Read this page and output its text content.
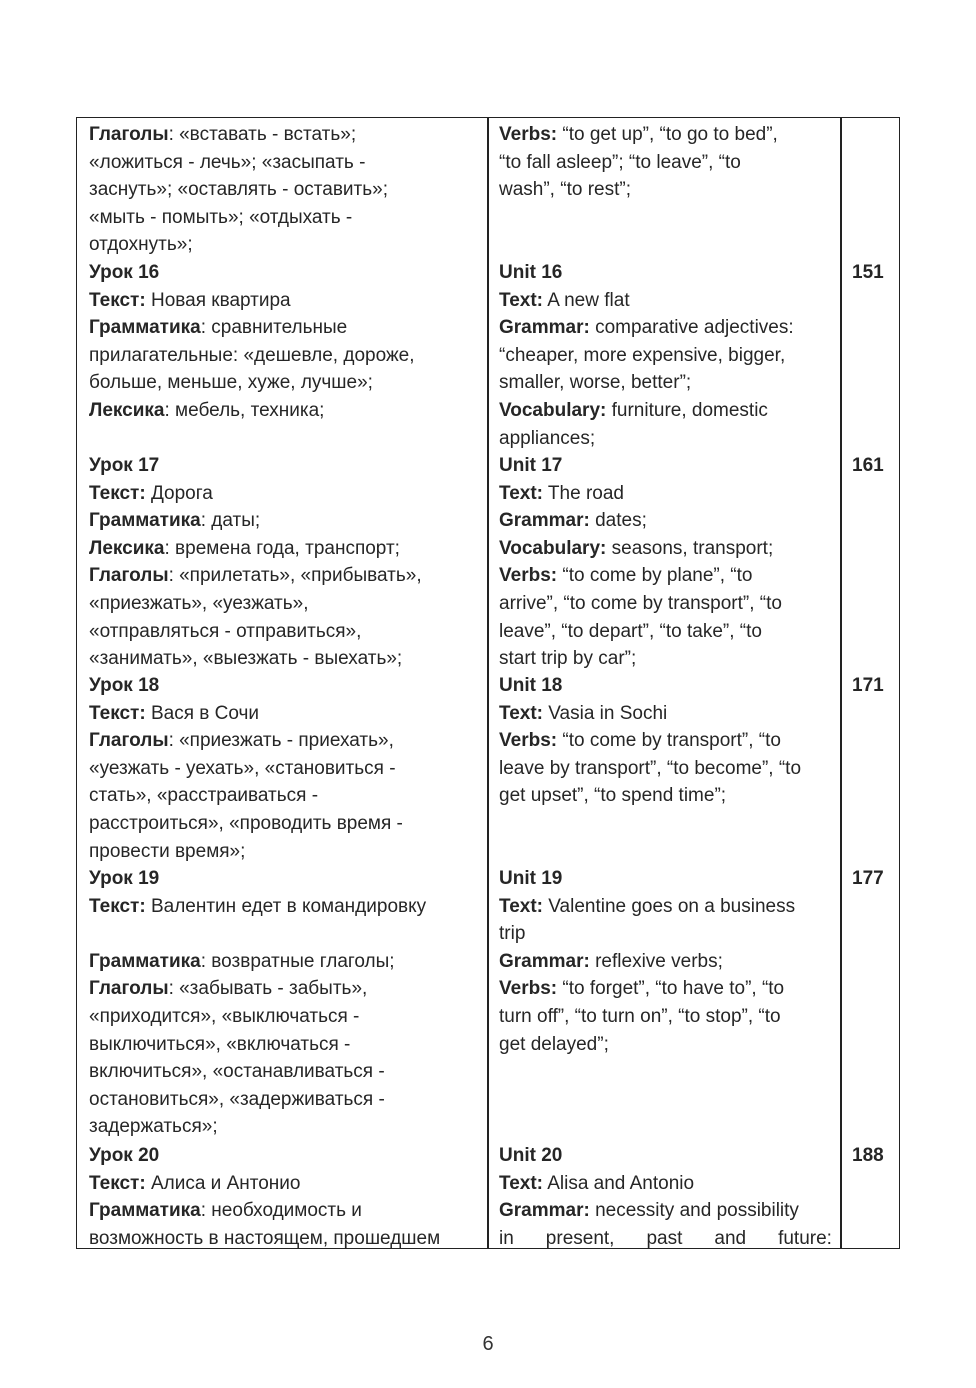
Глаголы: «вставать - встать»;
«ложиться - лечь»; «засыпать -
заснуть»; «оставлять - оставить»;
«мыть - помыть»; «отдыхать -
отдохнуть»;
Урок 16
Текст: Новая квартира
Грамматика: сравнительные
прилагательные: «дешевле, дороже,
больше, меньше, хуже, лучше»;
Лексика: мебель, техника;
Урок 17
Текст: Дорога
Грамматика: даты;
Лексика: времена года, транспорт;
Глаголы: «прилетать», «прибывать»,
«приезжать», «уезжать»,
«отправляться - отправиться»,
«занимать», «выезжать - выехать»;
Урок 18
Текст: Вася в Сочи
Глаголы: «приезжать - приехать»,
«уезжать - уехать», «становиться -
стать», «расстраиваться -
расстроиться», «проводить время -
провести время»;
Урок 19
Текст: Валентин едет в командировку
Грамматика: возвратные глаголы;
Глаголы: «забывать - забыть»,
«приходится», «выключаться -
выключиться», «включаться -
включиться», «останавливаться -
остановиться», «задерживаться -
задержаться»;
Урок 20
Текст: Алиса и Антонио
Грамматика: необходимость и
возможность в настоящем, прошедшем
Verbs: “to get up”, “to go to bed”,
“to fall asleep”; “to leave”, “to
wash”, “to rest”;
Unit 16
Text: A new flat
Grammar: comparative adjectives:
“cheaper, more expensive, bigger,
smaller, worse, better”;
Vocabulary: furniture, domestic
appliances;
Unit 17
Text: The road
Grammar: dates;
Vocabulary: seasons, transport;
Verbs: “to come by plane”, “to
arrive”, “to come by transport”, “to
leave”, “to depart”, “to take”, “to
start trip by car”;
Unit 18
Text: Vasia in Sochi
Verbs: “to come by transport”, “to
leave by transport”, “to become”, “to
get upset”, “to spend time”;
Unit 19
Text: Valentine goes on a business
trip
Grammar: reflexive verbs;
Verbs: “to forget”, “to have to”, “to
turn off”, “to turn on”, “to stop”, “to
get delayed”;
Unit 20
Text: Alisa and Antonio
Grammar: necessity and possibility
in present, past and future:
151
161
171
177
188
6
